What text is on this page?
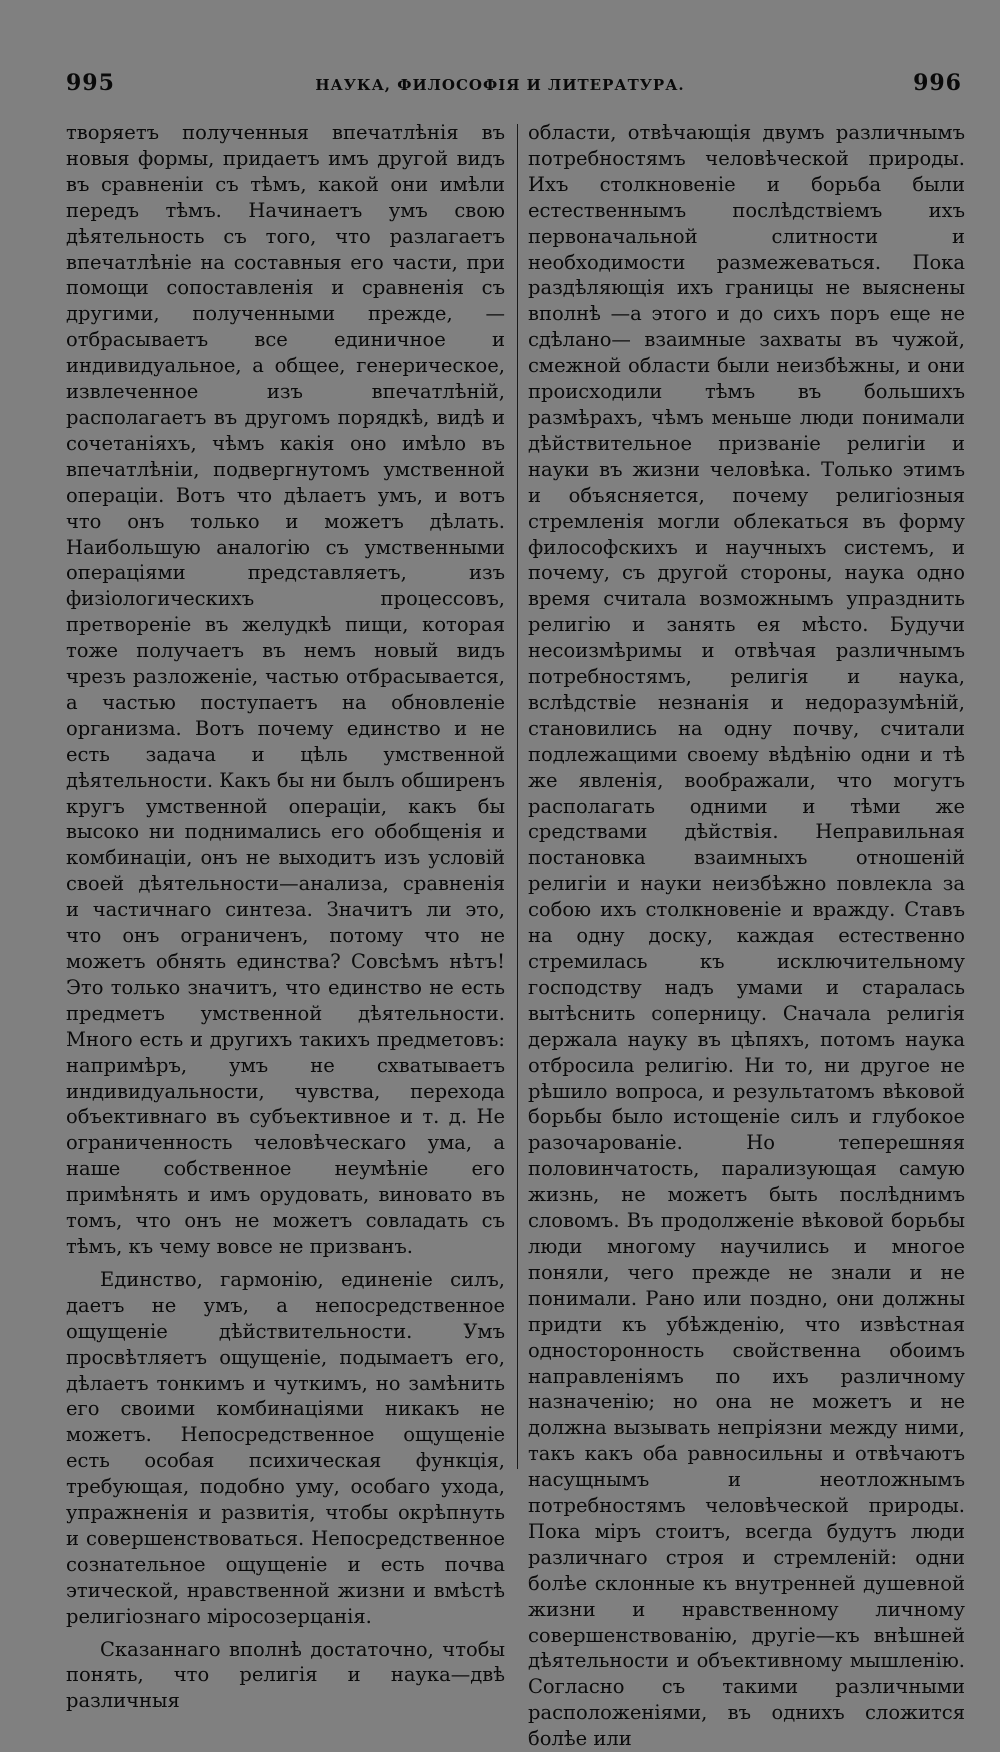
995	НАУКА, ФИЛОСОФІЯ И ЛИТЕРАТУРА.	996

творяетъ полученныя впечатлѣнія въ новыя формы, придаетъ имъ другой видъ въ сравненіи съ тѣмъ, какой они имѣли передъ тѣмъ. Начинаетъ умъ свою дѣятельность съ того, что разлагаетъ впечатлѣніе на составныя его части, при помощи сопоставленія и сравненія съ другими, полученными прежде, — отбрасываетъ все единичное и индивидуальное, а общее, генерическое, извлеченное изъ впечатлѣній, располагаетъ въ другомъ порядкѣ, видѣ и сочетаніяхъ, чѣмъ какія оно имѣло въ впечатлѣніи, подвергнутомъ умственной операціи. Вотъ что дѣлаетъ умъ, и вотъ что онъ только и можетъ дѣлать. Наибольшую аналогію съ умственными операціями представляетъ, изъ физіологическихъ процессовъ, претвореніе въ желудкѣ пищи, которая тоже получаетъ въ немъ новый видъ чрезъ разложеніе, частью отбрасывается, а частью поступаетъ на обновленіе организма. Вотъ почему единство и не есть задача и цѣль умственной дѣятельности. Какъ бы ни былъ обширенъ кругъ умственной операціи, какъ бы высоко ни поднимались его обобщенія и комбинаціи, онъ не выходитъ изъ условій своей дѣятельности—анализа, сравненія и частичнаго синтеза. Значитъ ли это, что онъ ограниченъ, потому что не можетъ обнять единства? Совсѣмъ нѣтъ! Это только значитъ, что единство не есть предметъ умственной дѣятельности. Много есть и другихъ такихъ предметовъ: напримѣръ, умъ не схватываетъ индивидуальности, чувства, перехода объективнаго въ субъективное и т. д. Не ограниченность человѣческаго ума, а наше собственное неумѣніе его примѣнять и имъ орудовать, виновато въ томъ, что онъ не можетъ совладать съ тѣмъ, къ чему вовсе не призванъ.

Единство, гармонію, единеніе силъ, даетъ не умъ, а непосредственное ощущеніе дѣйствительности. Умъ просвѣтляетъ ощущеніе, подымаетъ его, дѣлаетъ тонкимъ и чуткимъ, но замѣнить его своими комбинаціями никакъ не можетъ. Непосредственное ощущеніе есть особая психическая функція, требующая, подобно уму, особаго ухода, упражненія и развитія, чтобы окрѣпнуть и совершенствоваться. Непосредственное сознательное ощущеніе и есть почва этической, нравственной жизни и вмѣстѣ религіознаго міросозерцанія.

Сказаннаго вполнѣ достаточно, чтобы понять, что религія и наука—двѣ различныя

области, отвѣчающія двумъ различнымъ потребностямъ человѣческой природы. Ихъ столкновеніе и борьба были естественнымъ послѣдствіемъ ихъ первоначальной слитности и необходимости размежеваться. Пока раздѣляющія ихъ границы не выяснены вполнѣ —а этого и до сихъ поръ еще не сдѣлано— взаимные захваты въ чужой, смежной области были неизбѣжны, и они происходили тѣмъ въ большихъ размѣрахъ, чѣмъ меньше люди понимали дѣйствительное призваніе религіи и науки въ жизни человѣка. Только этимъ и объясняется, почему религіозныя стремленія могли облекаться въ форму философскихъ и научныхъ системъ, и почему, съ другой стороны, наука одно время считала возможнымъ упразднить религію и занять ея мѣсто. Будучи несоизмѣримы и отвѣчая различнымъ потребностямъ, религія и наука, вслѣдствіе незнанія и недоразумѣній, становились на одну почву, считали подлежащими своему вѣдѣнію одни и тѣ же явленія, воображали, что могутъ располагать одними и тѣми же средствами дѣйствія. Неправильная постановка взаимныхъ отношеній религіи и науки неизбѣжно повлекла за собою ихъ столкновеніе и вражду. Ставъ на одну доску, каждая естественно стремилась къ исключительному господству надъ умами и старалась вытѣснить соперницу. Сначала религія держала науку въ цѣпяхъ, потомъ наука отбросила религію. Ни то, ни другое не рѣшило вопроса, и результатомъ вѣковой борьбы было истощеніе силъ и глубокое разочарованіе. Но теперешняя половинчатость, парализующая самую жизнь, не можетъ быть послѣднимъ словомъ. Въ продолженіе вѣковой борьбы люди многому научились и многое поняли, чего прежде не знали и не понимали. Рано или поздно, они должны придти къ убѣжденію, что извѣстная односторонность свойственна обоимъ направленіямъ по ихъ различному назначенію; но она не можетъ и не должна вызывать непріязни между ними, такъ какъ оба равносильны и отвѣчаютъ насущнымъ и неотложнымъ потребностямъ человѣческой природы. Пока міръ стоитъ, всегда будутъ люди различнаго строя и стремленій: одни болѣе склонные къ внутренней душевной жизни и нравственному личному совершенствованію, другіе—къ внѣшней дѣятельности и объективному мышленію. Согласно съ такими различными расположеніями, въ однихъ сложится болѣе или
